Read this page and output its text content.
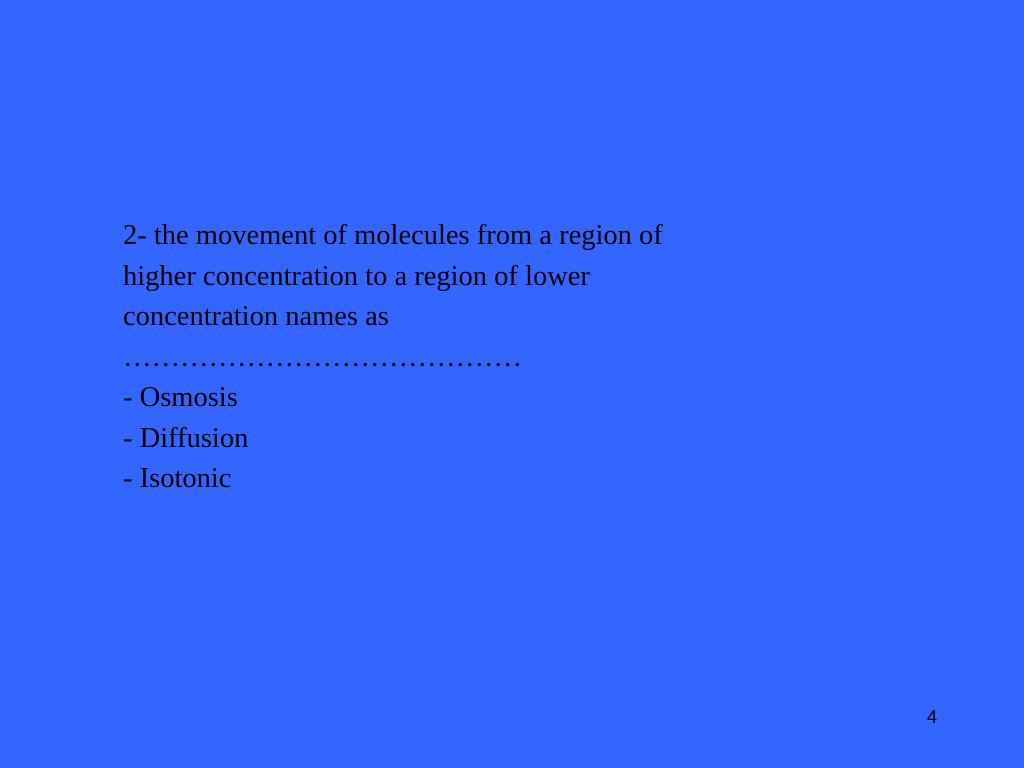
2- the movement of molecules from a region of
higher concentration to a region of lower
concentration names as
……………………………………
- Osmosis
- Diffusion
- Isotonic
4
